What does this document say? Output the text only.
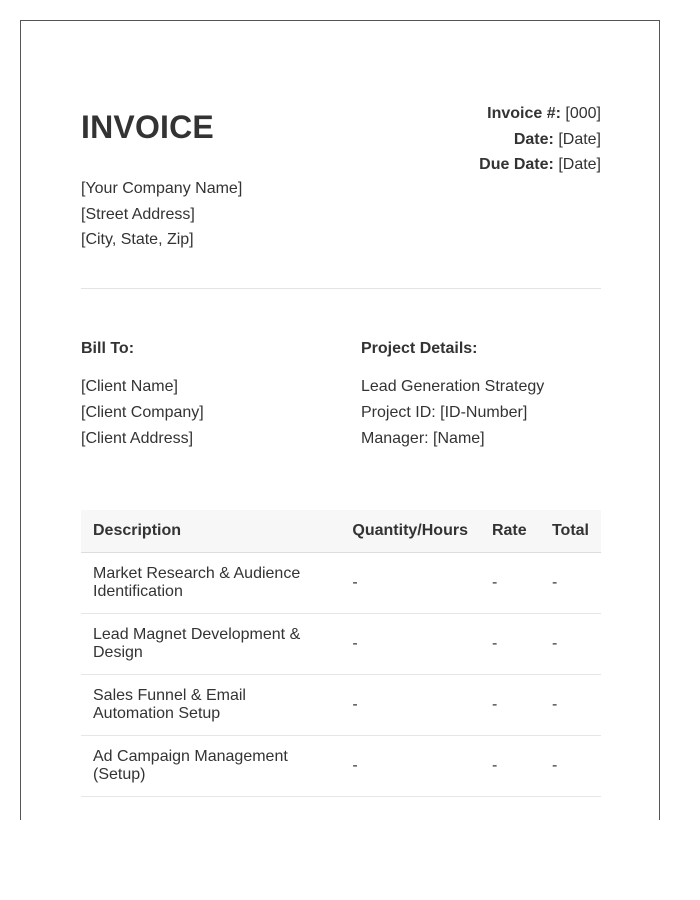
INVOICE	Invoice #: [000]
Date: [Date]
Due Date: [Date]
[Your Company Name]
[Street Address]
[City, State, Zip]
Bill To:
[Client Name]
[Client Company]
[Client Address]
Project Details:
Lead Generation Strategy
Project ID: [ID-Number]
Manager: [Name]
Description	Quantity/Hours	Rate	Total
Market Research & Audience Identification	-	-	-
Lead Magnet Development & Design	-	-	-
Sales Funnel & Email Automation Setup	-	-	-
Ad Campaign Management (Setup)	-	-	-
